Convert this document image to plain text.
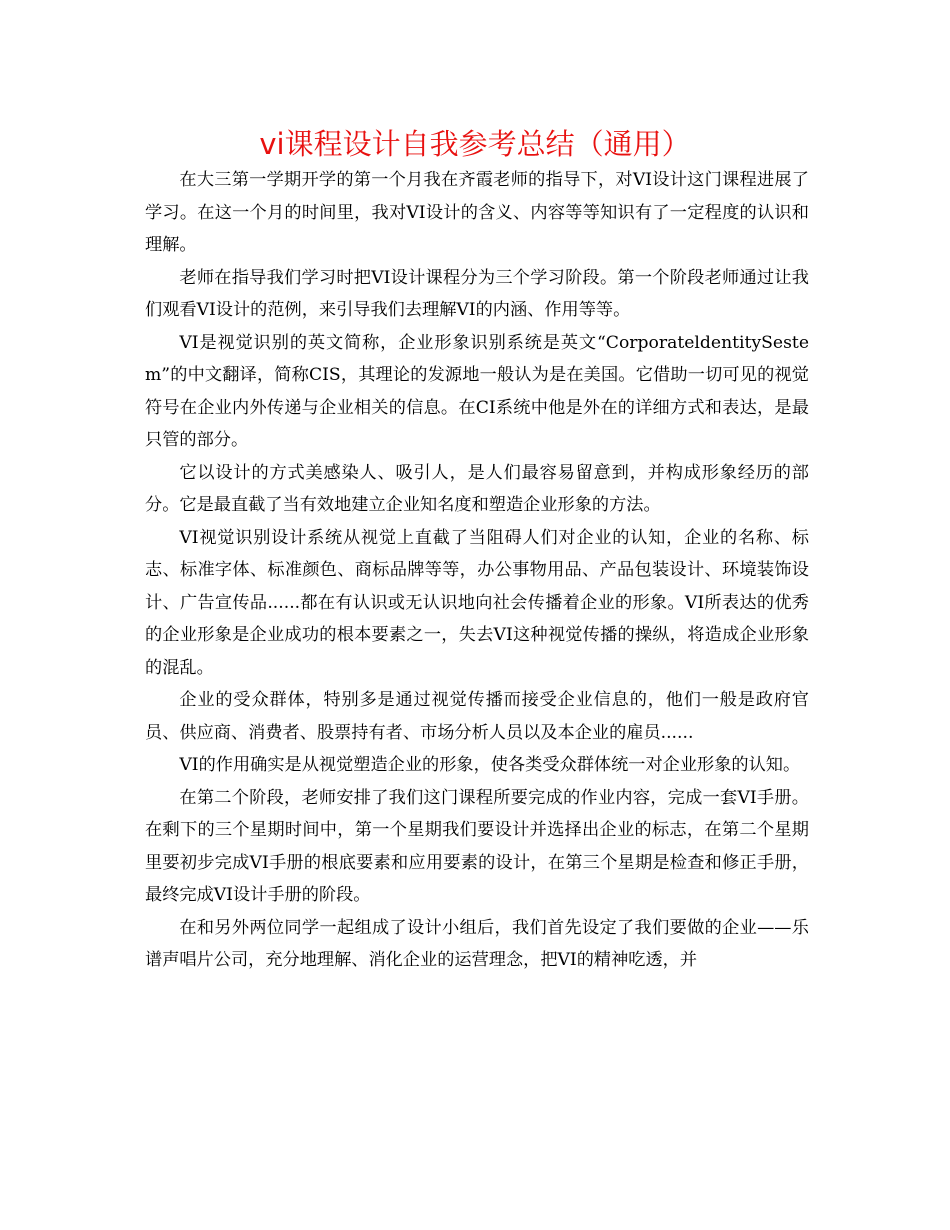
vi课程设计自我参考总结（通用）

在大三第一学期开学的第一个月我在齐霞老师的指导下，对VI设计这门课程进展了学习。在这一个月的时间里，我对VI设计的含义、内容等等知识有了一定程度的认识和理解。

老师在指导我们学习时把VI设计课程分为三个学习阶段。第一个阶段老师通过让我们观看VI设计的范例，来引导我们去理解VI的内涵、作用等等。

VI是视觉识别的英文简称，企业形象识别系统是英文“CorporateldentitySestem”的中文翻译，简称CIS，其理论的发源地一般认为是在美国。它借助一切可见的视觉符号在企业内外传递与企业相关的信息。在CI系统中他是外在的详细方式和表达，是最只管的部分。

它以设计的方式美感染人、吸引人，是人们最容易留意到，并构成形象经历的部分。它是最直截了当有效地建立企业知名度和塑造企业形象的方法。

VI视觉识别设计系统从视觉上直截了当阻碍人们对企业的认知，企业的名称、标志、标准字体、标准颜色、商标品牌等等，办公事物用品、产品包装设计、环境装饰设计、广告宣传品......都在有认识或无认识地向社会传播着企业的形象。VI所表达的优秀的企业形象是企业成功的根本要素之一，失去VI这种视觉传播的操纵，将造成企业形象的混乱。

企业的受众群体，特别多是通过视觉传播而接受企业信息的，他们一般是政府官员、供应商、消费者、股票持有者、市场分析人员以及本企业的雇员......

VI的作用确实是从视觉塑造企业的形象，使各类受众群体统一对企业形象的认知。

在第二个阶段，老师安排了我们这门课程所要完成的作业内容，完成一套VI手册。在剩下的三个星期时间中，第一个星期我们要设计并选择出企业的标志，在第二个星期里要初步完成VI手册的根底要素和应用要素的设计，在第三个星期是检查和修正手册，最终完成VI设计手册的阶段。

在和另外两位同学一起组成了设计小组后，我们首先设定了我们要做的企业——乐谱声唱片公司，充分地理解、消化企业的运营理念，把VI的精神吃透，并
